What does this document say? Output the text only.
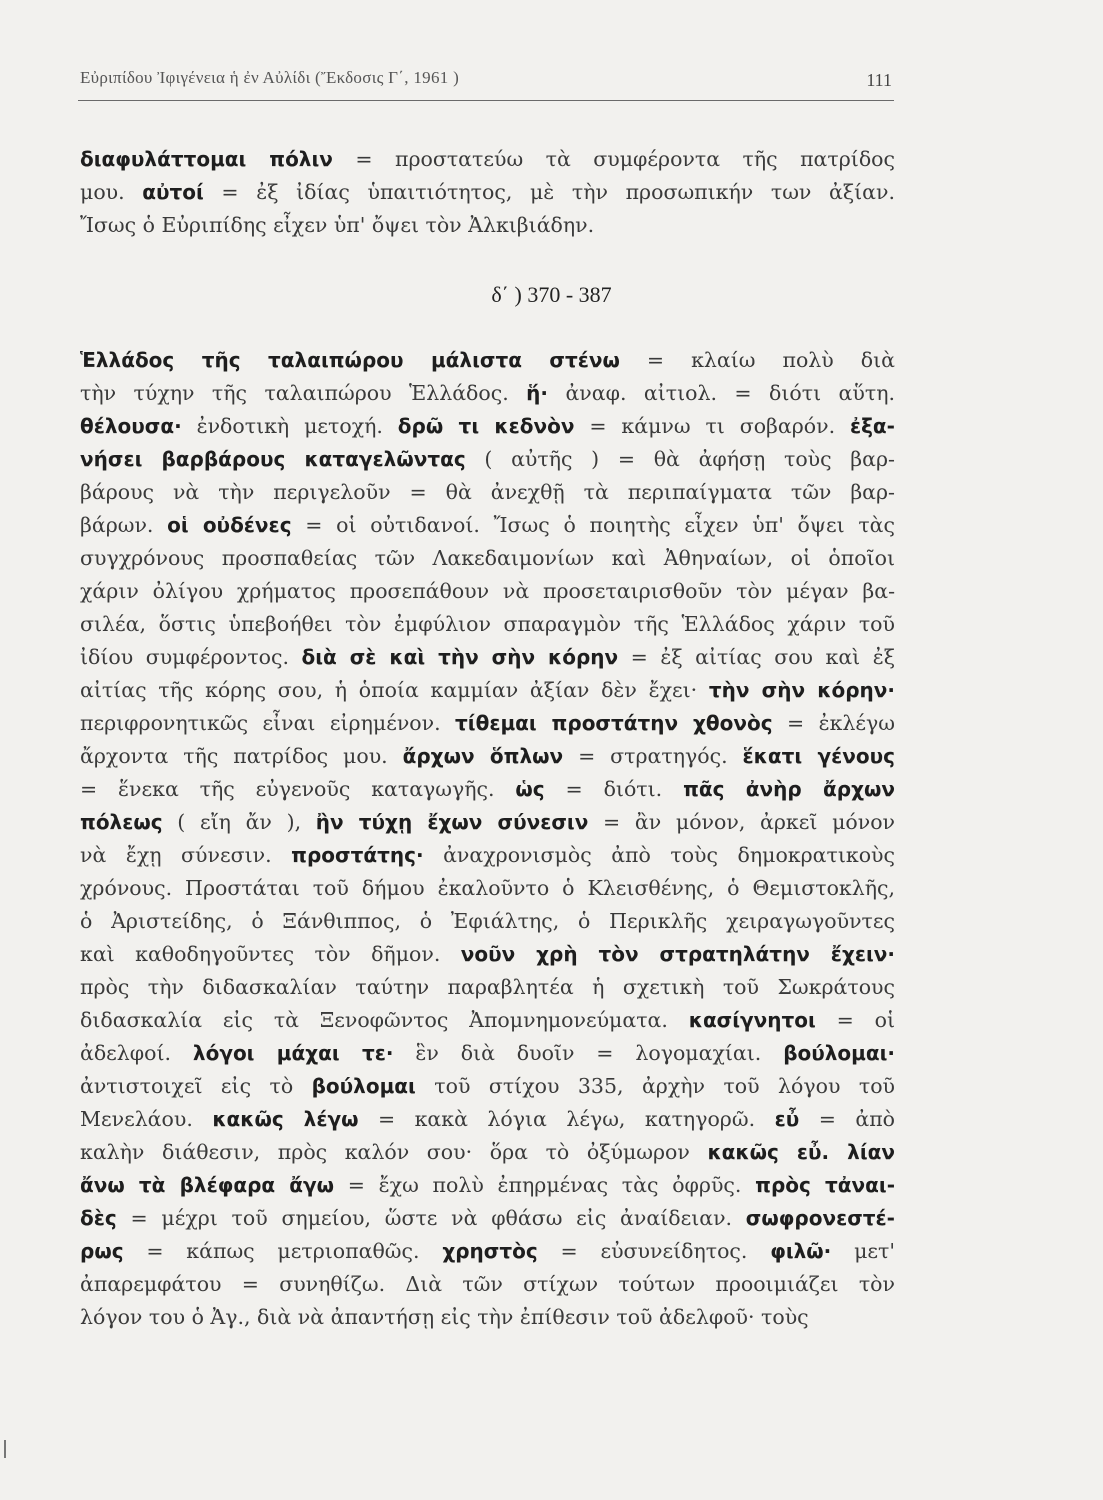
Εὐριπίδου Ἰφιγένεια ἡ ἐν Αὐλίδι (Ἔκδοσις Γ΄, 1961 )	111
διαφυλάττομαι πόλιν = προστατεύω τὰ συμφέροντα τῆς πατρίδος
μου. αὐτοί = ἐξ ἰδίας ὑπαιτιότητος, μὲ τὴν προσωπικήν των ἀξίαν.
Ἴσως ὁ Εὐριπίδης εἶχεν ὑπ' ὄψει τὸν Ἀλκιβιάδην.
δ΄ ) 370 - 387
Ἑλλάδος τῆς ταλαιπώρου μάλιστα στένω = κλαίω πολὺ διὰ
τὴν τύχην τῆς ταλαιπώρου Ἑλλάδος. ἥ· ἀναφ. αἰτιολ. = διότι αὕτη.
θέλουσα· ἐνδοτικὴ μετοχή. δρῶ τι κεδνὸν = κάμνω τι σοβαρόν. ἐξα-
νήσει βαρβάρους καταγελῶντας ( αὐτῆς ) = θὰ ἀφήσῃ τοὺς βαρ-
βάρους νὰ τὴν περιγελοῦν = θὰ ἀνεχθῇ τὰ περιπαίγματα τῶν βαρ-
βάρων. οἱ οὐδένες = οἱ οὐτιδανοί. Ἴσως ὁ ποιητὴς εἶχεν ὑπ' ὄψει τὰς
συγχρόνους προσπαθείας τῶν Λακεδαιμονίων καὶ Ἀθηναίων, οἱ ὁποῖοι
χάριν ὀλίγου χρήματος προσεπάθουν νὰ προσεταιρισθοῦν τὸν μέγαν βα-
σιλέα, ὅστις ὑπεβοήθει τὸν ἐμφύλιον σπαραγμὸν τῆς Ἑλλάδος χάριν τοῦ
ἰδίου συμφέροντος. διὰ σὲ καὶ τὴν σὴν κόρην = ἐξ αἰτίας σου καὶ ἐξ
αἰτίας τῆς κόρης σου, ἡ ὁποία καμμίαν ἀξίαν δὲν ἔχει· τὴν σὴν κόρην·
περιφρονητικῶς εἶναι εἰρημένον. τίθεμαι προστάτην χθονὸς = ἐκλέγω
ἄρχοντα τῆς πατρίδος μου. ἄρχων ὅπλων = στρατηγός. ἕκατι γένους
= ἕνεκα τῆς εὐγενοῦς καταγωγῆς. ὡς = διότι. πᾶς ἀνὴρ ἄρχων
πόλεως ( εἴη ἄν ), ἢν τύχῃ ἔχων σύνεσιν = ἂν μόνον, ἀρκεῖ μόνον
νὰ ἔχῃ σύνεσιν. προστάτης· ἀναχρονισμὸς ἀπὸ τοὺς δημοκρατικοὺς
χρόνους. Προστάται τοῦ δήμου ἐκαλοῦντο ὁ Κλεισθένης, ὁ Θεμιστοκλῆς,
ὁ Ἀριστείδης, ὁ Ξάνθιππος, ὁ Ἐφιάλτης, ὁ Περικλῆς χειραγωγοῦντες
καὶ καθοδηγοῦντες τὸν δῆμον. νοῦν χρὴ τὸν στρατηλάτην ἔχειν·
πρὸς τὴν διδασκαλίαν ταύτην παραβλητέα ἡ σχετικὴ τοῦ Σωκράτους
διδασκαλία εἰς τὰ Ξενοφῶντος Ἀπομνημονεύματα. κασίγνητοι = οἱ
ἀδελφοί. λόγοι μάχαι τε· ἓν διὰ δυοῖν = λογομαχίαι. βούλομαι·
ἀντιστοιχεῖ εἰς τὸ βούλομαι τοῦ στίχου 335, ἀρχὴν τοῦ λόγου τοῦ
Μενελάου. κακῶς λέγω = κακὰ λόγια λέγω, κατηγορῶ. εὖ = ἀπὸ
καλὴν διάθεσιν, πρὸς καλόν σου· ὅρα τὸ ὀξύμωρον κακῶς εὖ. λίαν
ἄνω τὰ βλέφαρα ἄγω = ἔχω πολὺ ἐπηρμένας τὰς ὀφρῦς. πρὸς τἀναι-
δὲς = μέχρι τοῦ σημείου, ὥστε νὰ φθάσω εἰς ἀναίδειαν. σωφρονεστέ-
ρως = κάπως μετριοπαθῶς. χρηστὸς = εὐσυνείδητος. φιλῶ· μετ'
ἀπαρεμφάτου = συνηθίζω. Διὰ τῶν στίχων τούτων προοιμιάζει τὸν
λόγον του ὁ Ἀγ., διὰ νὰ ἀπαντήσῃ εἰς τὴν ἐπίθεσιν τοῦ ἀδελφοῦ· τοὺς
